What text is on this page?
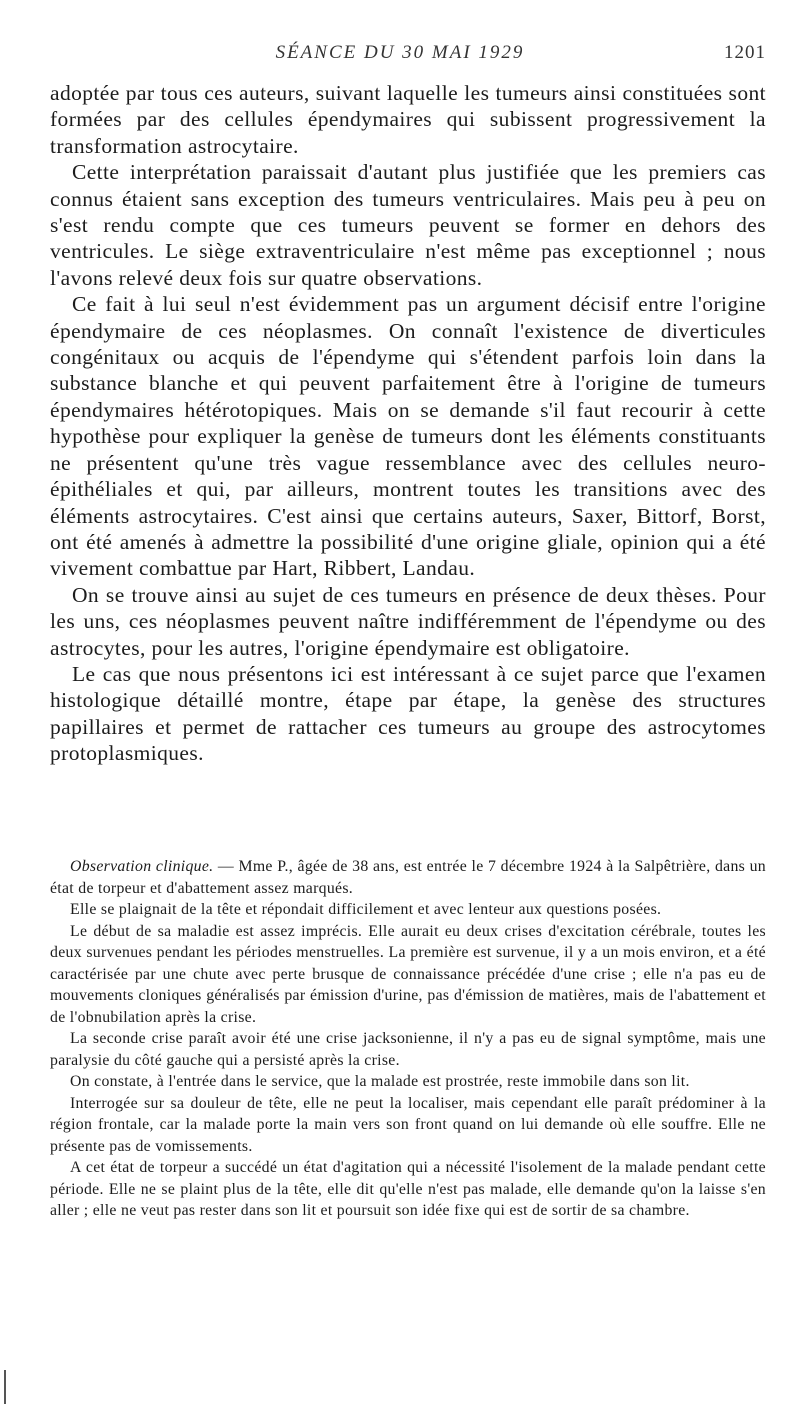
SÉANCE DU 30 MAI 1929	1201

adoptée par tous ces auteurs, suivant laquelle les tumeurs ainsi constituées sont formées par des cellules épendymaires qui subissent progressivement la transformation astrocytaire.

Cette interprétation paraissait d'autant plus justifiée que les premiers cas connus étaient sans exception des tumeurs ventriculaires. Mais peu à peu on s'est rendu compte que ces tumeurs peuvent se former en dehors des ventricules. Le siège extraventriculaire n'est même pas exceptionnel ; nous l'avons relevé deux fois sur quatre observations.

Ce fait à lui seul n'est évidemment pas un argument décisif entre l'origine épendymaire de ces néoplasmes. On connaît l'existence de diverticules congénitaux ou acquis de l'épendyme qui s'étendent parfois loin dans la substance blanche et qui peuvent parfaitement être à l'origine de tumeurs épendymaires hétérotopiques. Mais on se demande s'il faut recourir à cette hypothèse pour expliquer la genèse de tumeurs dont les éléments constituants ne présentent qu'une très vague ressemblance avec des cellules neuro-épithéliales et qui, par ailleurs, montrent toutes les transitions avec des éléments astrocytaires. C'est ainsi que certains auteurs, Saxer, Bittorf, Borst, ont été amenés à admettre la possibilité d'une origine gliale, opinion qui a été vivement combattue par Hart, Ribbert, Landau.

On se trouve ainsi au sujet de ces tumeurs en présence de deux thèses. Pour les uns, ces néoplasmes peuvent naître indifféremment de l'épendyme ou des astrocytes, pour les autres, l'origine épendymaire est obligatoire.

Le cas que nous présentons ici est intéressant à ce sujet parce que l'examen histologique détaillé montre, étape par étape, la genèse des structures papillaires et permet de rattacher ces tumeurs au groupe des astrocytomes protoplasmiques.

Observation clinique. — Mme P., âgée de 38 ans, est entrée le 7 décembre 1924 à la Salpêtrière, dans un état de torpeur et d'abattement assez marqués.

Elle se plaignait de la tête et répondait difficilement et avec lenteur aux questions posées.

Le début de sa maladie est assez imprécis. Elle aurait eu deux crises d'excitation cérébrale, toutes les deux survenues pendant les périodes menstruelles. La première est survenue, il y a un mois environ, et a été caractérisée par une chute avec perte brusque de connaissance précédée d'une crise ; elle n'a pas eu de mouvements cloniques généralisés par émission d'urine, pas d'émission de matières, mais de l'abattement et de l'obnubilation après la crise.

La seconde crise paraît avoir été une crise jacksonienne, il n'y a pas eu de signal symptôme, mais une paralysie du côté gauche qui a persisté après la crise.

On constate, à l'entrée dans le service, que la malade est prostrée, reste immobile dans son lit.

Interrogée sur sa douleur de tête, elle ne peut la localiser, mais cependant elle paraît prédominer à la région frontale, car la malade porte la main vers son front quand on lui demande où elle souffre. Elle ne présente pas de vomissements.

A cet état de torpeur a succédé un état d'agitation qui a nécessité l'isolement de la malade pendant cette période. Elle ne se plaint plus de la tête, elle dit qu'elle n'est pas malade, elle demande qu'on la laisse s'en aller ; elle ne veut pas rester dans son lit et poursuit son idée fixe qui est de sortir de sa chambre.
